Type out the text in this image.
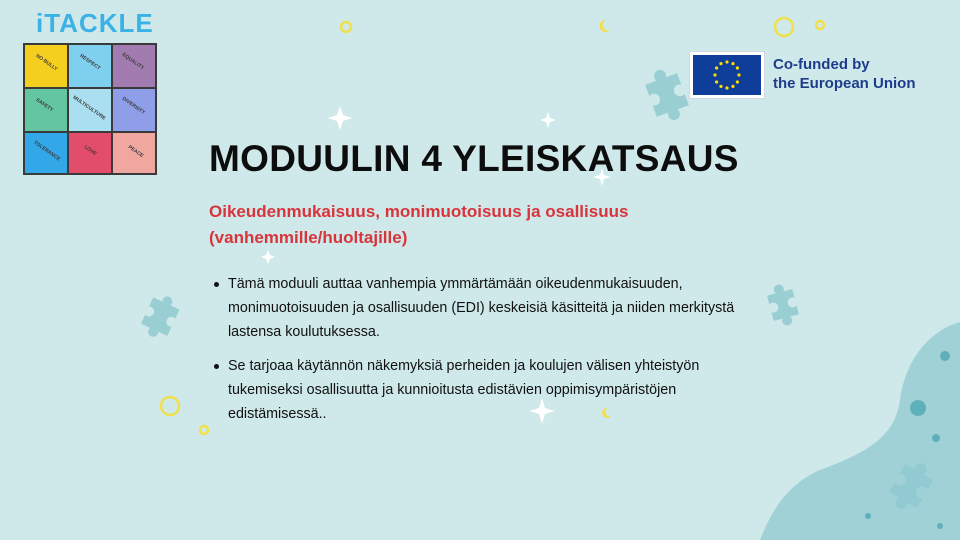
iTACKLE
NO BULLY	RESPECT	EQUALITY
SAFETY	MULTICULTURE	DIVERSITY
TOLERANCE	LOVE	PEACE
Co-funded by
the European Union
MODUULIN 4 YLEISKATSAUS
Oikeudenmukaisuus, monimuotoisuus ja osallisuus (vanhemmille/huoltajille)
Tämä moduuli auttaa vanhempia ymmärtämään oikeudenmukaisuuden, monimuotoisuuden ja osallisuuden (EDI) keskeisiä käsitteitä ja niiden merkitystä lastensa koulutuksessa.
Se tarjoaa käytännön näkemyksiä perheiden ja koulujen välisen yhteistyön tukemiseksi osallisuutta ja kunnioitusta edistävien oppimisympäristöjen edistämisessä..
